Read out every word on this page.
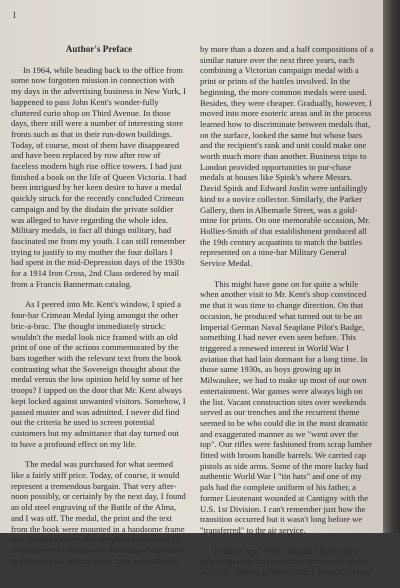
1
Author's Preface

In 1964, while heading back to the office from some now forgotten mission in connection with my days in the advertising business in New York, I happened to pass John Kent's wonder-fully cluttered curio shop on Third Avenue. In those days, there still were a number of interesting store fronts such as that in their run-down buildings. Today, of course, most of them have disappeared and have been replaced by row after row of faceless modern high rise office towers. I had just finished a book on the life of Queen Victoria. I had been intrigued by her keen desire to have a medal quickly struck for the recently concluded Crimean campaign and by the disdain the private soldier was alleged to have regarding the whole idea. Military medals, in fact all things military, had fascinated me from my youth. I can still remember trying to justify to my mother the four dollars I had spent in the mid-Depression days of the 1930s for a 1914 Iron Cross, 2nd Class ordered by mail from a Francis Bannerman catalog.

As I peered into Mr. Kent's window, I spied a four-bar Crimean Medal lying amongst the other bric-a-brac. The thought immediately struck: wouldn't the medal look nice framed with an old print of one of the actions commemorated by the bars together with the relevant text from the book contrasting what the Sovereign thought about the medal versus the low opinion held by some of her troops? I tapped on the door that Mr. Kent always kept locked against unwanted visitors. Somehow, I passed muster and was admitted. I never did find out the criteria he used to screen potential customers but my admittance that day turned out to have a profound effect on my life.

The medal was purchased for what seemed like a fairly stiff price. Today, of course, it would represent a tremendous bargain. That very after-noon possibly, or certainly by the next day, I found an old steel engraving of the Battle of the Alma, and I was off. The medal, the print and the text from the book were mounted in a handsome frame and, despite a rather dim reception from my wife, it hung over the fireplace in the study of our home in Princeton for several years. This was followed

by more than a dozen and a half compositions of a similar nature over the next three years, each combining a Victorian campaign medal with a print or prints of the battles involved. In the beginning, the more common medals were used. Besides, they were cheaper. Gradually, however, I moved into more esoteric areas and in the process learned how to discriminate between medals that, on the surface, looked the same but whose bars and the recipient's rank and unit could make one worth much more than another. Business trips to London provided opportunities to pur-chase medals at houses like Spink's where Messrs. David Spink and Edward Joslin were unfailingly kind to a novice collector. Similarly, the Parker Gallery, then in Albemarle Street, was a gold-mine for prints. On one memorable occasion, Mr. Hollies-Smith of that establishment produced all the 19th century acquatints to match the battles represented on a nine-bar Military General Service Medal.

This might have gone on for quite a while when another visit to Mr. Kent's shop convinced me that it was time to change direction. On that occasion, he produced what turned out to be an Imperial German Naval Seaplane Pilot's Badge, something I had never even seen before. This triggered a renewed interest in World War I aviation that had lain dormant for a long time. In those same 1930s, as boys growing up in Milwaukee, we had to make up most of our own entertainment. War games were always high on the list. Vacant construction sites over weekends served as our trenches and the recurrent theme seemed to be who could die in the most dramatic and exaggerated manner as we "went over the top". Our rifles were fashioned from scrap lumber fitted with broom handle barrels. We carried cap pistols as side arms. Some of the more lucky had authentic World War I "tin hats" and one of my pals had the complete uniform of his father, a former Lieutenant wounded at Cantigny with the U.S. 1st Division. I can't remember just how the transition occurred but it wasn't long before we "transferred" to the air service.

In those days, every drugstore had racks of pulp magazines that contained sensational stories of the air fighting in World War I. Floyd Gibbons'
